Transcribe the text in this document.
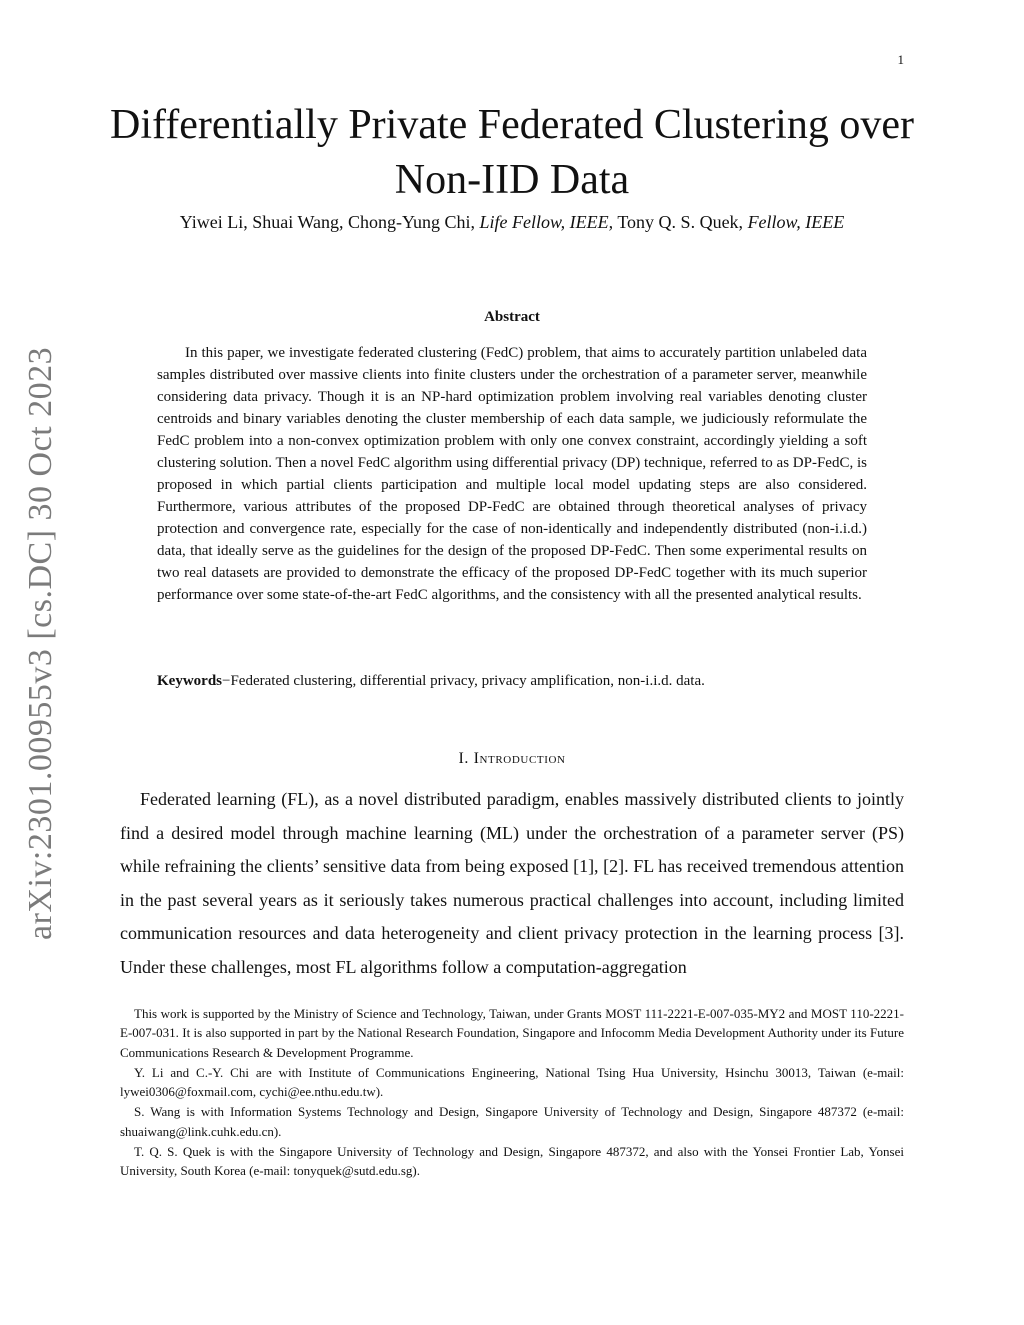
1
arXiv:2301.00955v3 [cs.DC] 30 Oct 2023
Differentially Private Federated Clustering over
Non-IID Data
Yiwei Li, Shuai Wang, Chong-Yung Chi, Life Fellow, IEEE, Tony Q. S. Quek, Fellow, IEEE
Abstract

In this paper, we investigate federated clustering (FedC) problem, that aims to accurately partition unlabeled data samples distributed over massive clients into finite clusters under the orchestration of a parameter server, meanwhile considering data privacy. Though it is an NP-hard optimization problem involving real variables denoting cluster centroids and binary variables denoting the cluster membership of each data sample, we judiciously reformulate the FedC problem into a non-convex optimization problem with only one convex constraint, accordingly yielding a soft clustering solution. Then a novel FedC algorithm using differential privacy (DP) technique, referred to as DP-FedC, is proposed in which partial clients participation and multiple local model updating steps are also considered. Furthermore, various attributes of the proposed DP-FedC are obtained through theoretical analyses of privacy protection and convergence rate, especially for the case of non-identically and independently distributed (non-i.i.d.) data, that ideally serve as the guidelines for the design of the proposed DP-FedC. Then some experimental results on two real datasets are provided to demonstrate the efficacy of the proposed DP-FedC together with its much superior performance over some state-of-the-art FedC algorithms, and the consistency with all the presented analytical results.

Keywords−Federated clustering, differential privacy, privacy amplification, non-i.i.d. data.

I. Introduction

Federated learning (FL), as a novel distributed paradigm, enables massively distributed clients to jointly find a desired model through machine learning (ML) under the orchestration of a parameter server (PS) while refraining the clients’ sensitive data from being exposed [1], [2]. FL has received tremendous attention in the past several years as it seriously takes numerous practical challenges into account, including limited communication resources and data heterogeneity and client privacy protection in the learning process [3]. Under these challenges, most FL algorithms follow a computation-aggregation

This work is supported by the Ministry of Science and Technology, Taiwan, under Grants MOST 111-2221-E-007-035-MY2 and MOST 110-2221-E-007-031. It is also supported in part by the National Research Foundation, Singapore and Infocomm Media Development Authority under its Future Communications Research & Development Programme.

Y. Li and C.-Y. Chi are with Institute of Communications Engineering, National Tsing Hua University, Hsinchu 30013, Taiwan (e-mail: lywei0306@foxmail.com, cychi@ee.nthu.edu.tw).

S. Wang is with Information Systems Technology and Design, Singapore University of Technology and Design, Singapore 487372 (e-mail: shuaiwang@link.cuhk.edu.cn).

T. Q. S. Quek is with the Singapore University of Technology and Design, Singapore 487372, and also with the Yonsei Frontier Lab, Yonsei University, South Korea (e-mail: tonyquek@sutd.edu.sg).
